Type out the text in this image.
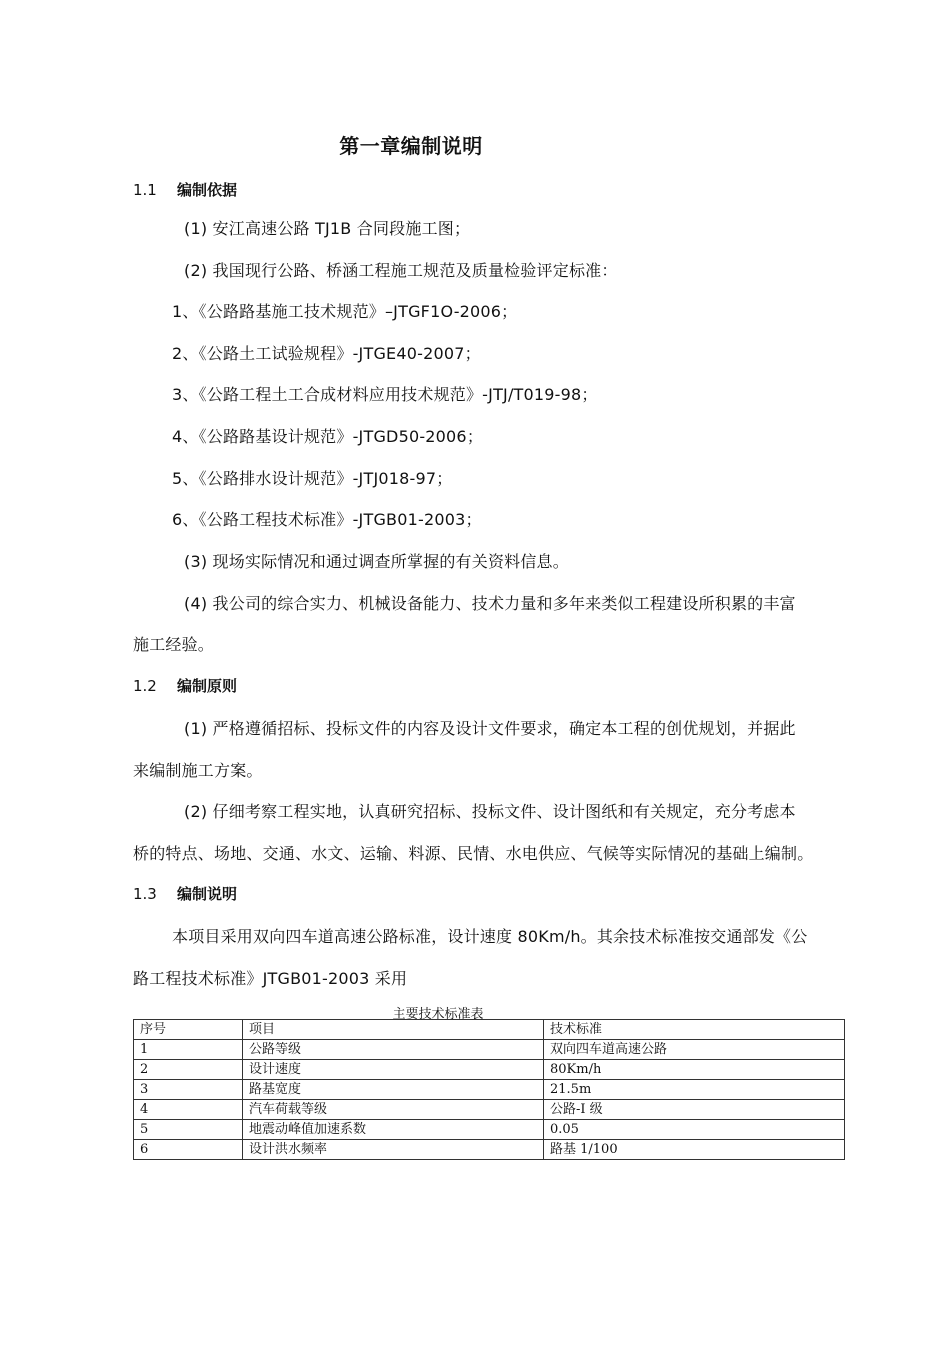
第一章编制说明
1.1 编制依据
(1) 安江高速公路 TJ1B 合同段施工图；
(2) 我国现行公路、桥涵工程施工规范及质量检验评定标准：
1、《公路路基施工技术规范》–JTGF1O-2006；
2、《公路土工试验规程》-JTGE40-2007；
3、《公路工程土工合成材料应用技术规范》-JTJ/T019-98；
4、《公路路基设计规范》-JTGD50-2006；
5、《公路排水设计规范》-JTJ018-97；
6、《公路工程技术标准》-JTGB01-2003；
(3) 现场实际情况和通过调查所掌握的有关资料信息。
(4) 我公司的综合实力、机械设备能力、技术力量和多年来类似工程建设所积累的丰富
施工经验。
1.2 编制原则
(1) 严格遵循招标、投标文件的内容及设计文件要求，确定本工程的创优规划，并据此
来编制施工方案。
(2) 仔细考察工程实地，认真研究招标、投标文件、设计图纸和有关规定，充分考虑本
桥的特点、场地、交通、水文、运输、料源、民情、水电供应、气候等实际情况的基础上编制。
1.3 编制说明
本项目采用双向四车道高速公路标准，设计速度 80Km/h。其余技术标准按交通部发《公
路工程技术标准》JTGB01-2003 采用
主要技术标准表
序号	项目	技术标准
1	公路等级	双向四车道高速公路
2	设计速度	80Km/h
3	路基宽度	21.5m
4	汽车荷载等级	公路-I 级
5	地震动峰值加速系数	0.05
6	设计洪水频率	路基 1/100
